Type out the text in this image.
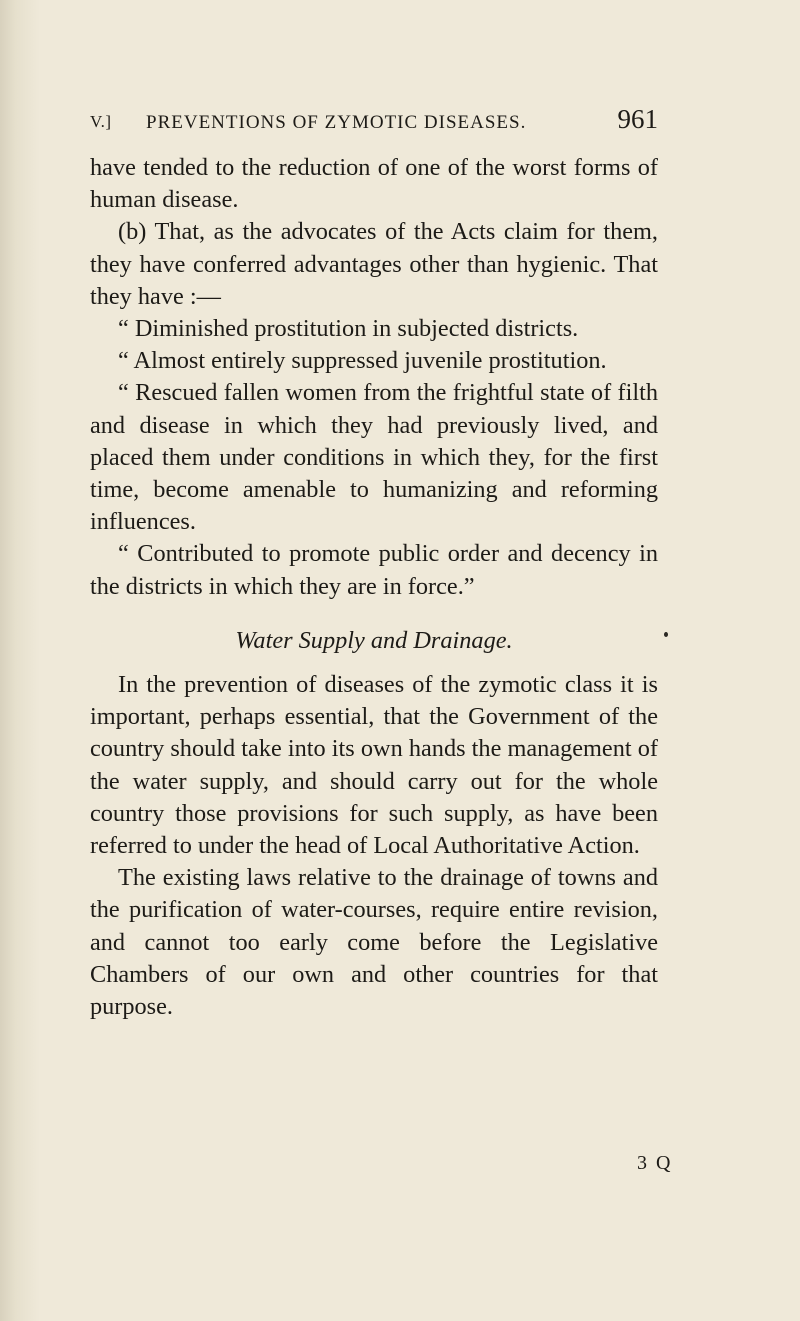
V.] PREVENTIONS OF ZYMOTIC DISEASES.	961

have tended to the reduction of one of the worst forms of human disease.

(b) That, as the advocates of the Acts claim for them, they have conferred advantages other than hygienic. That they have :—

“ Diminished prostitution in subjected districts.

“ Almost entirely suppressed juvenile prostitution.

“ Rescued fallen women from the frightful state of filth and disease in which they had previously lived, and placed them under conditions in which they, for the first time, become amenable to humanizing and reforming influences.

“ Contributed to promote public order and decency in the districts in which they are in force.”

Water Supply and Drainage.

In the prevention of diseases of the zymotic class it is important, perhaps essential, that the Government of the country should take into its own hands the management of the water supply, and should carry out for the whole country those provisions for such supply, as have been referred to under the head of Local Authoritative Action.

The existing laws relative to the drainage of towns and the purification of water-courses, require entire revision, and cannot too early come before the Legislative Chambers of our own and other countries for that purpose.

3 Q
